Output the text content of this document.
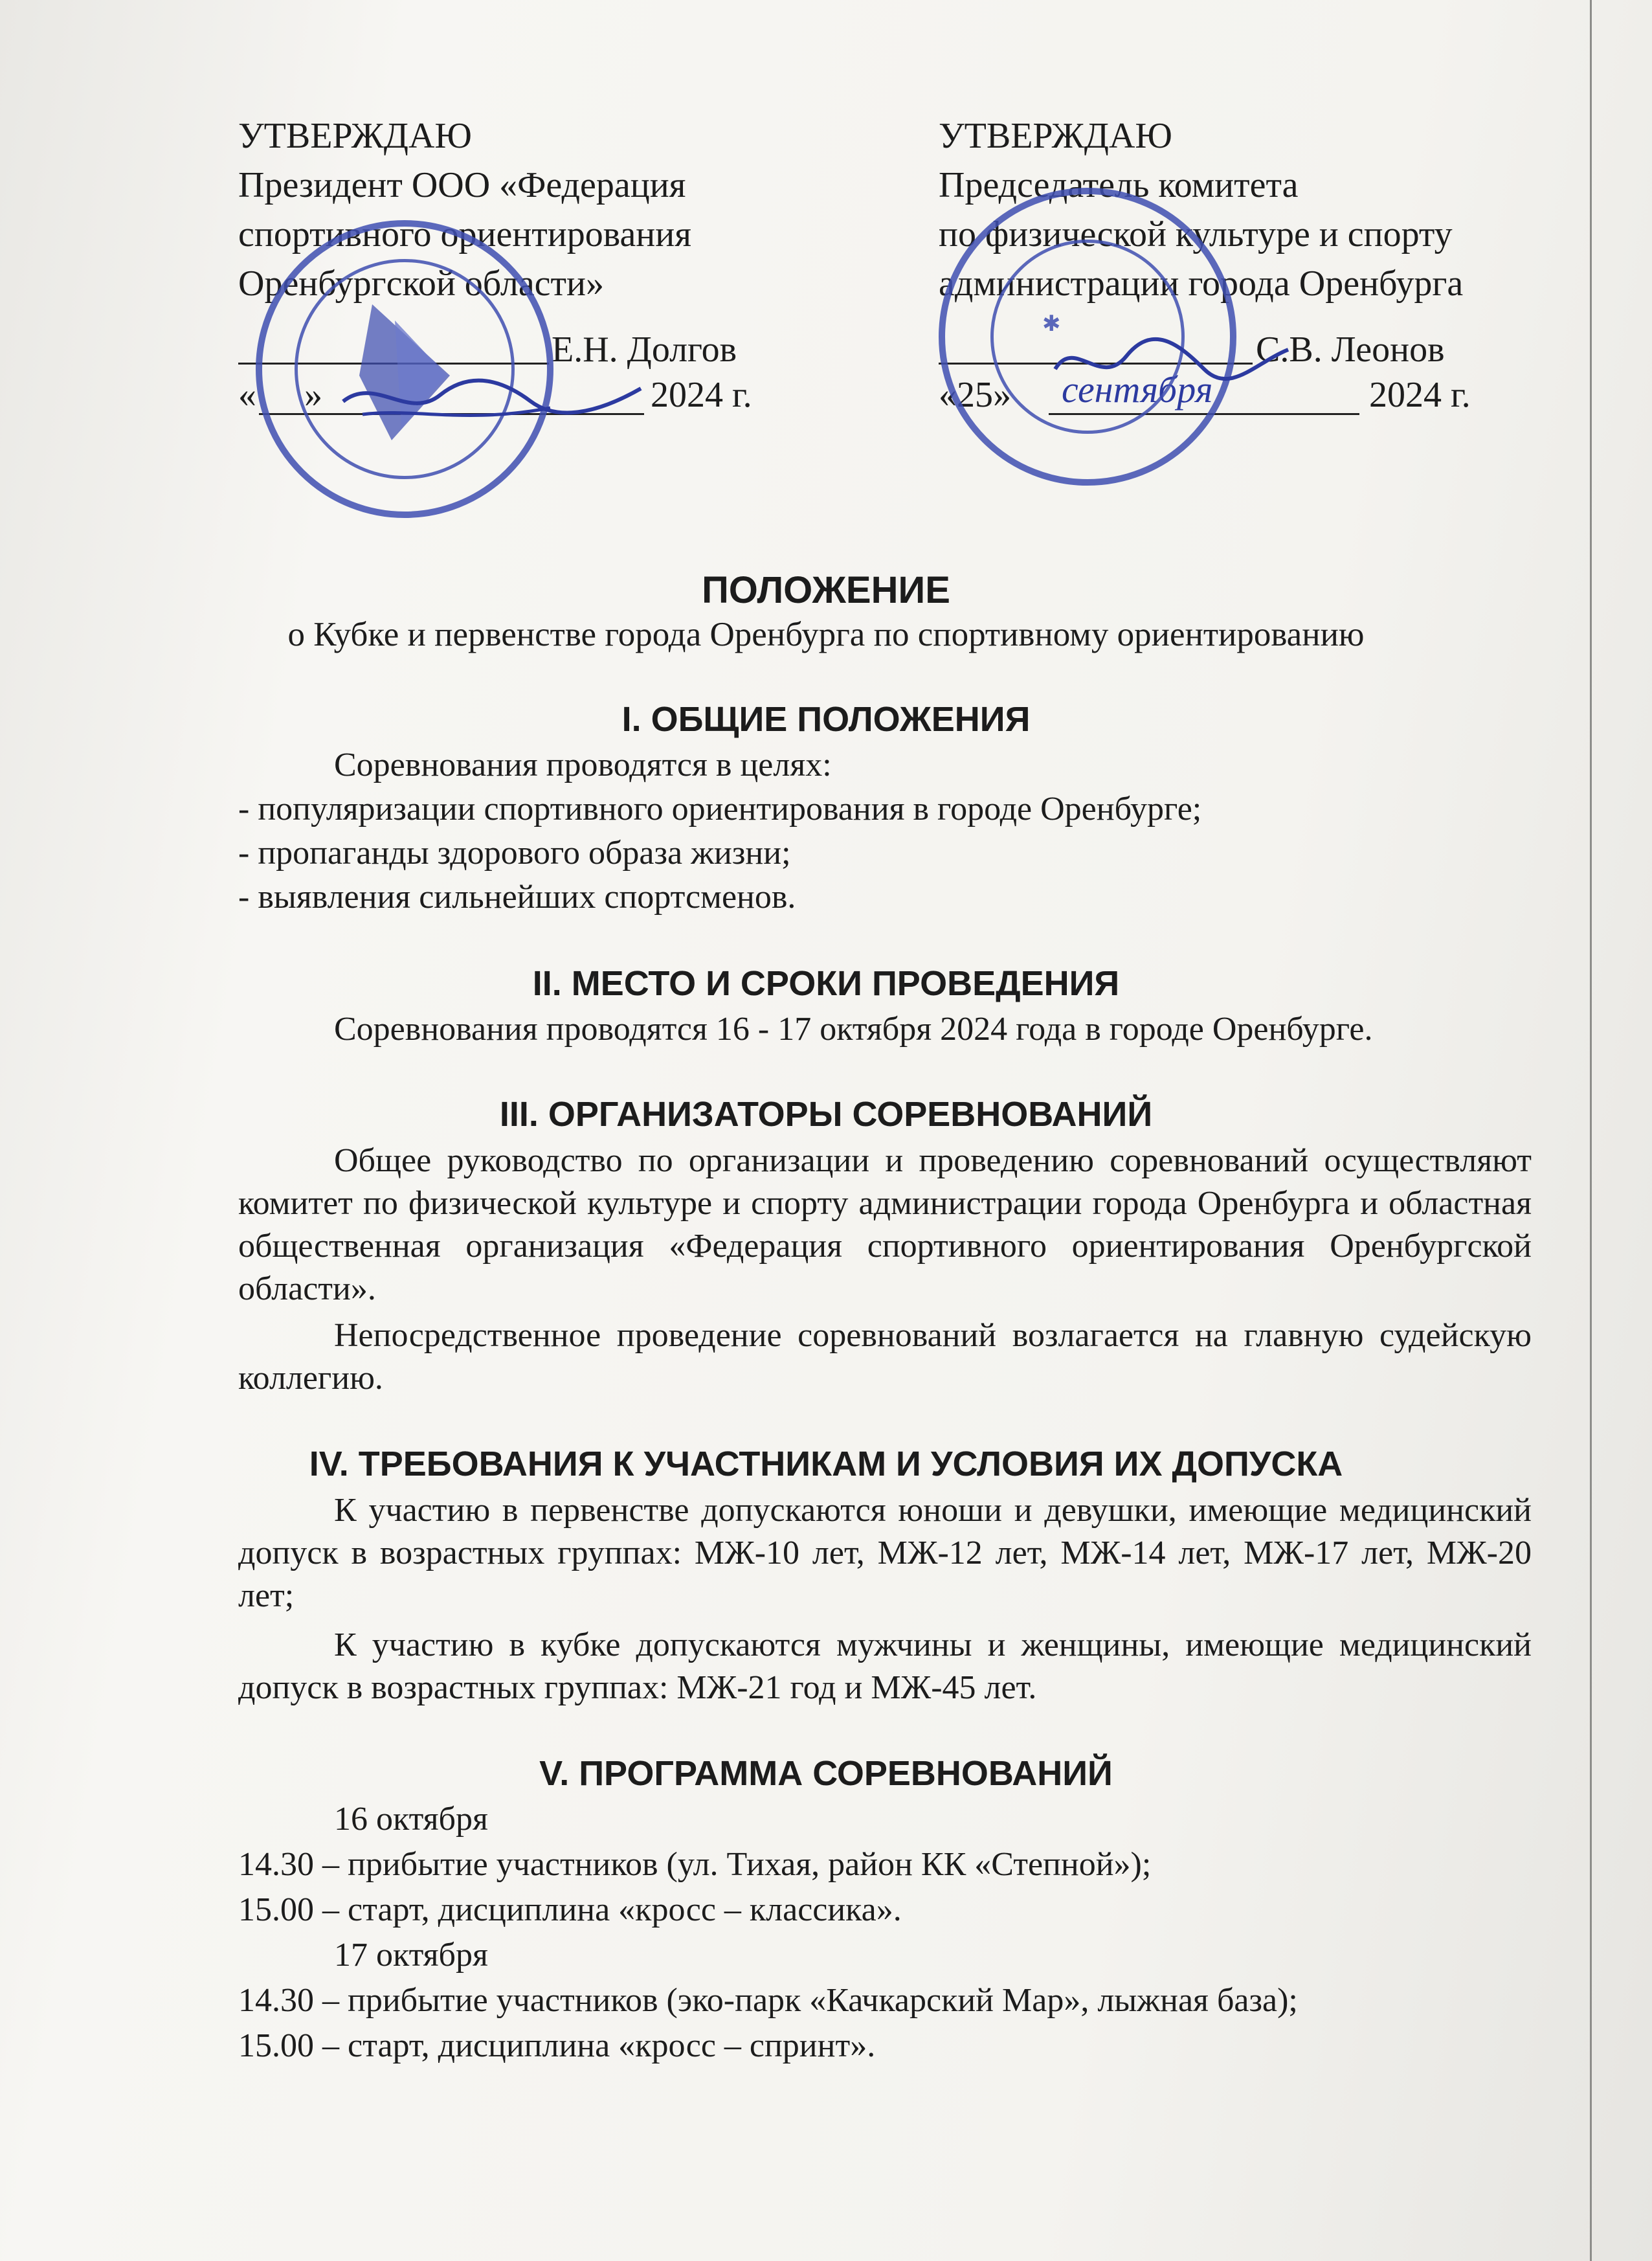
УТВЕРЖДАЮ
Президент ООО «Федерация
спортивного ориентирования
Оренбургской области»
Е.Н. Долгов
« »	2024 г.
УТВЕРЖДАЮ
Председатель комитета
по физической культуре и спорту
администрации города Оренбурга
С.В. Леонов
«25» сентября	2024 г.
✱
ПОЛОЖЕНИЕ
о Кубке и первенстве города Оренбурга по спортивному ориентированию
I. ОБЩИЕ ПОЛОЖЕНИЯ
Соревнования проводятся в целях:
- популяризации спортивного ориентирования в городе Оренбурге;
- пропаганды здорового образа жизни;
- выявления сильнейших спортсменов.
II. МЕСТО И СРОКИ ПРОВЕДЕНИЯ
Соревнования проводятся 16 - 17 октября 2024 года в городе Оренбурге.
III. ОРГАНИЗАТОРЫ СОРЕВНОВАНИЙ
Общее руководство по организации и проведению соревнований осуществляют комитет по физической культуре и спорту администрации города Оренбурга и областная общественная организация «Федерация спортивного ориентирования Оренбургской области».
Непосредственное проведение соревнований возлагается на главную судейскую коллегию.
IV. ТРЕБОВАНИЯ К УЧАСТНИКАМ И УСЛОВИЯ ИХ ДОПУСКА
К участию в первенстве допускаются юноши и девушки, имеющие медицинский допуск в возрастных группах: МЖ-10 лет, МЖ-12 лет, МЖ-14 лет, МЖ-17 лет, МЖ-20 лет;
К участию в кубке допускаются мужчины и женщины, имеющие медицинский допуск в возрастных группах: МЖ-21 год и МЖ-45 лет.
V. ПРОГРАММА СОРЕВНОВАНИЙ
16 октября
14.30 – прибытие участников (ул. Тихая, район КК «Степной»);
15.00 – старт, дисциплина «кросс – классика».
17 октября
14.30 – прибытие участников (эко-парк «Качкарский Мар», лыжная база);
15.00 – старт, дисциплина «кросс – спринт».
